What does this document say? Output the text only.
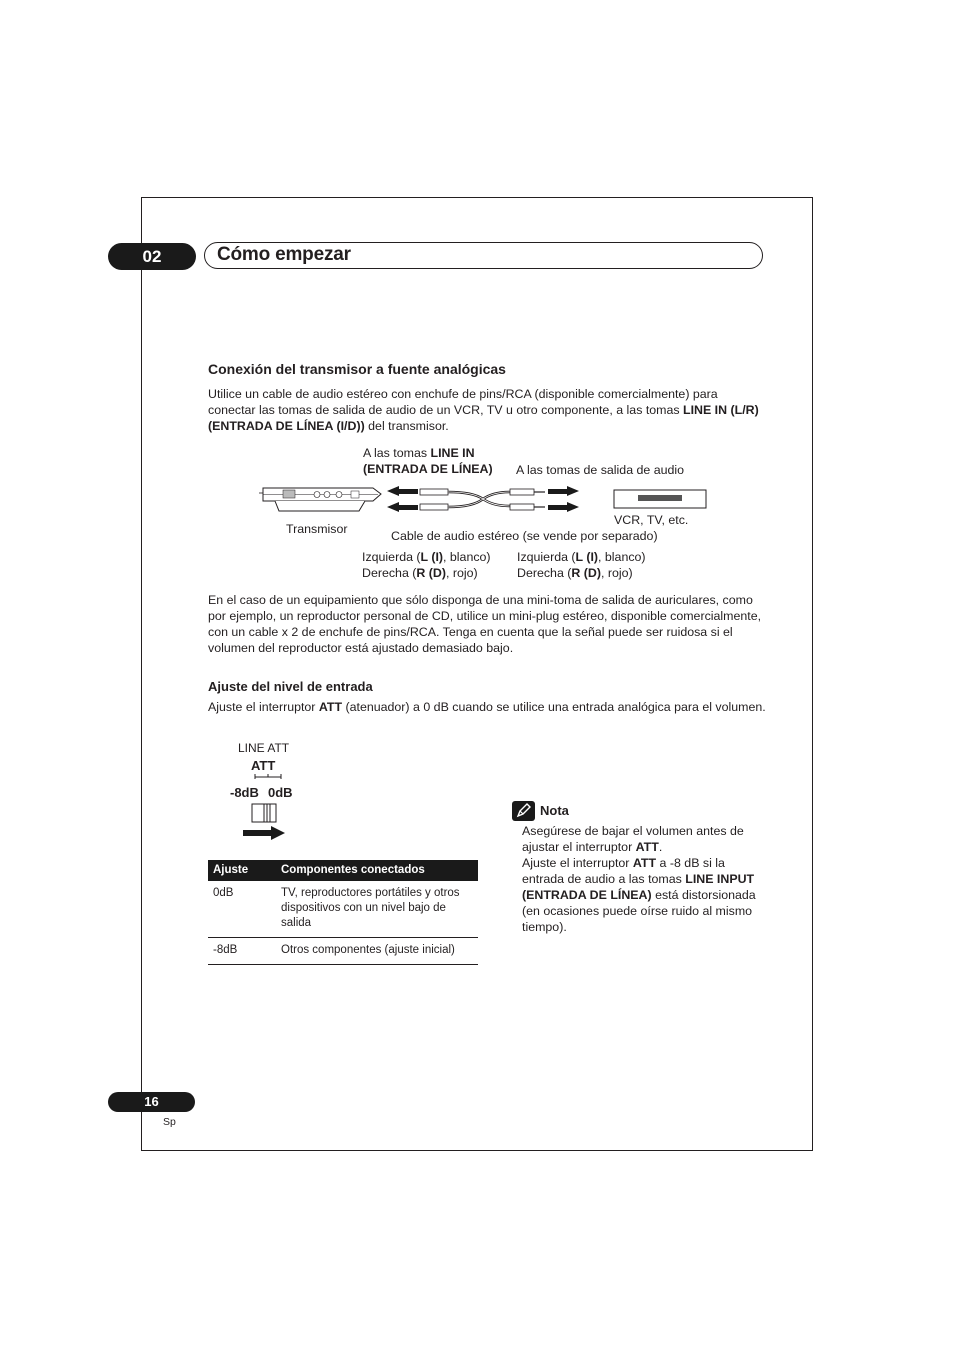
02	Cómo empezar
Conexión del transmisor a fuente analógicas
Utilice un cable de audio estéreo con enchufe de pins/RCA (disponible comercialmente) para conectar las tomas de salida de audio de un VCR, TV u otro componente, a las tomas LINE IN (L/R) (ENTRADA DE LÍNEA (I/D)) del transmisor.
A las tomas LINE IN
(ENTRADA DE LÍNEA) A las tomas de salida de audio
Transmisor
VCR, TV, etc.
Cable de audio estéreo (se vende por separado)
Izquierda (L (I), blanco)
Derecha (R (D), rojo)
Izquierda (L (I), blanco)
Derecha (R (D), rojo)
En el caso de un equipamiento que sólo disponga de una mini-toma de salida de auriculares, como por ejemplo, un reproductor personal de CD, utilice un mini-plug estéreo, disponible comercialmente, con un cable x 2 de enchufe de pins/RCA. Tenga en cuenta que la señal puede ser ruidosa si el volumen del reproductor está ajustado demasiado bajo.
Ajuste del nivel de entrada
Ajuste el interruptor ATT (atenuador) a 0 dB cuando se utilice una entrada analógica para el volumen.
LINE ATT
ATT
-8dB 0dB
Ajuste	Componentes conectados
0dB	TV, reproductores portátiles y otros dispositivos con un nivel bajo de salida
-8dB	Otros componentes (ajuste inicial)
Nota
Asegúrese de bajar el volumen antes de ajustar el interruptor ATT.
Ajuste el interruptor ATT a -8 dB si la entrada de audio a las tomas LINE INPUT (ENTRADA DE LÍNEA) está distorsionada (en ocasiones puede oírse ruido al mismo tiempo).
16
Sp
